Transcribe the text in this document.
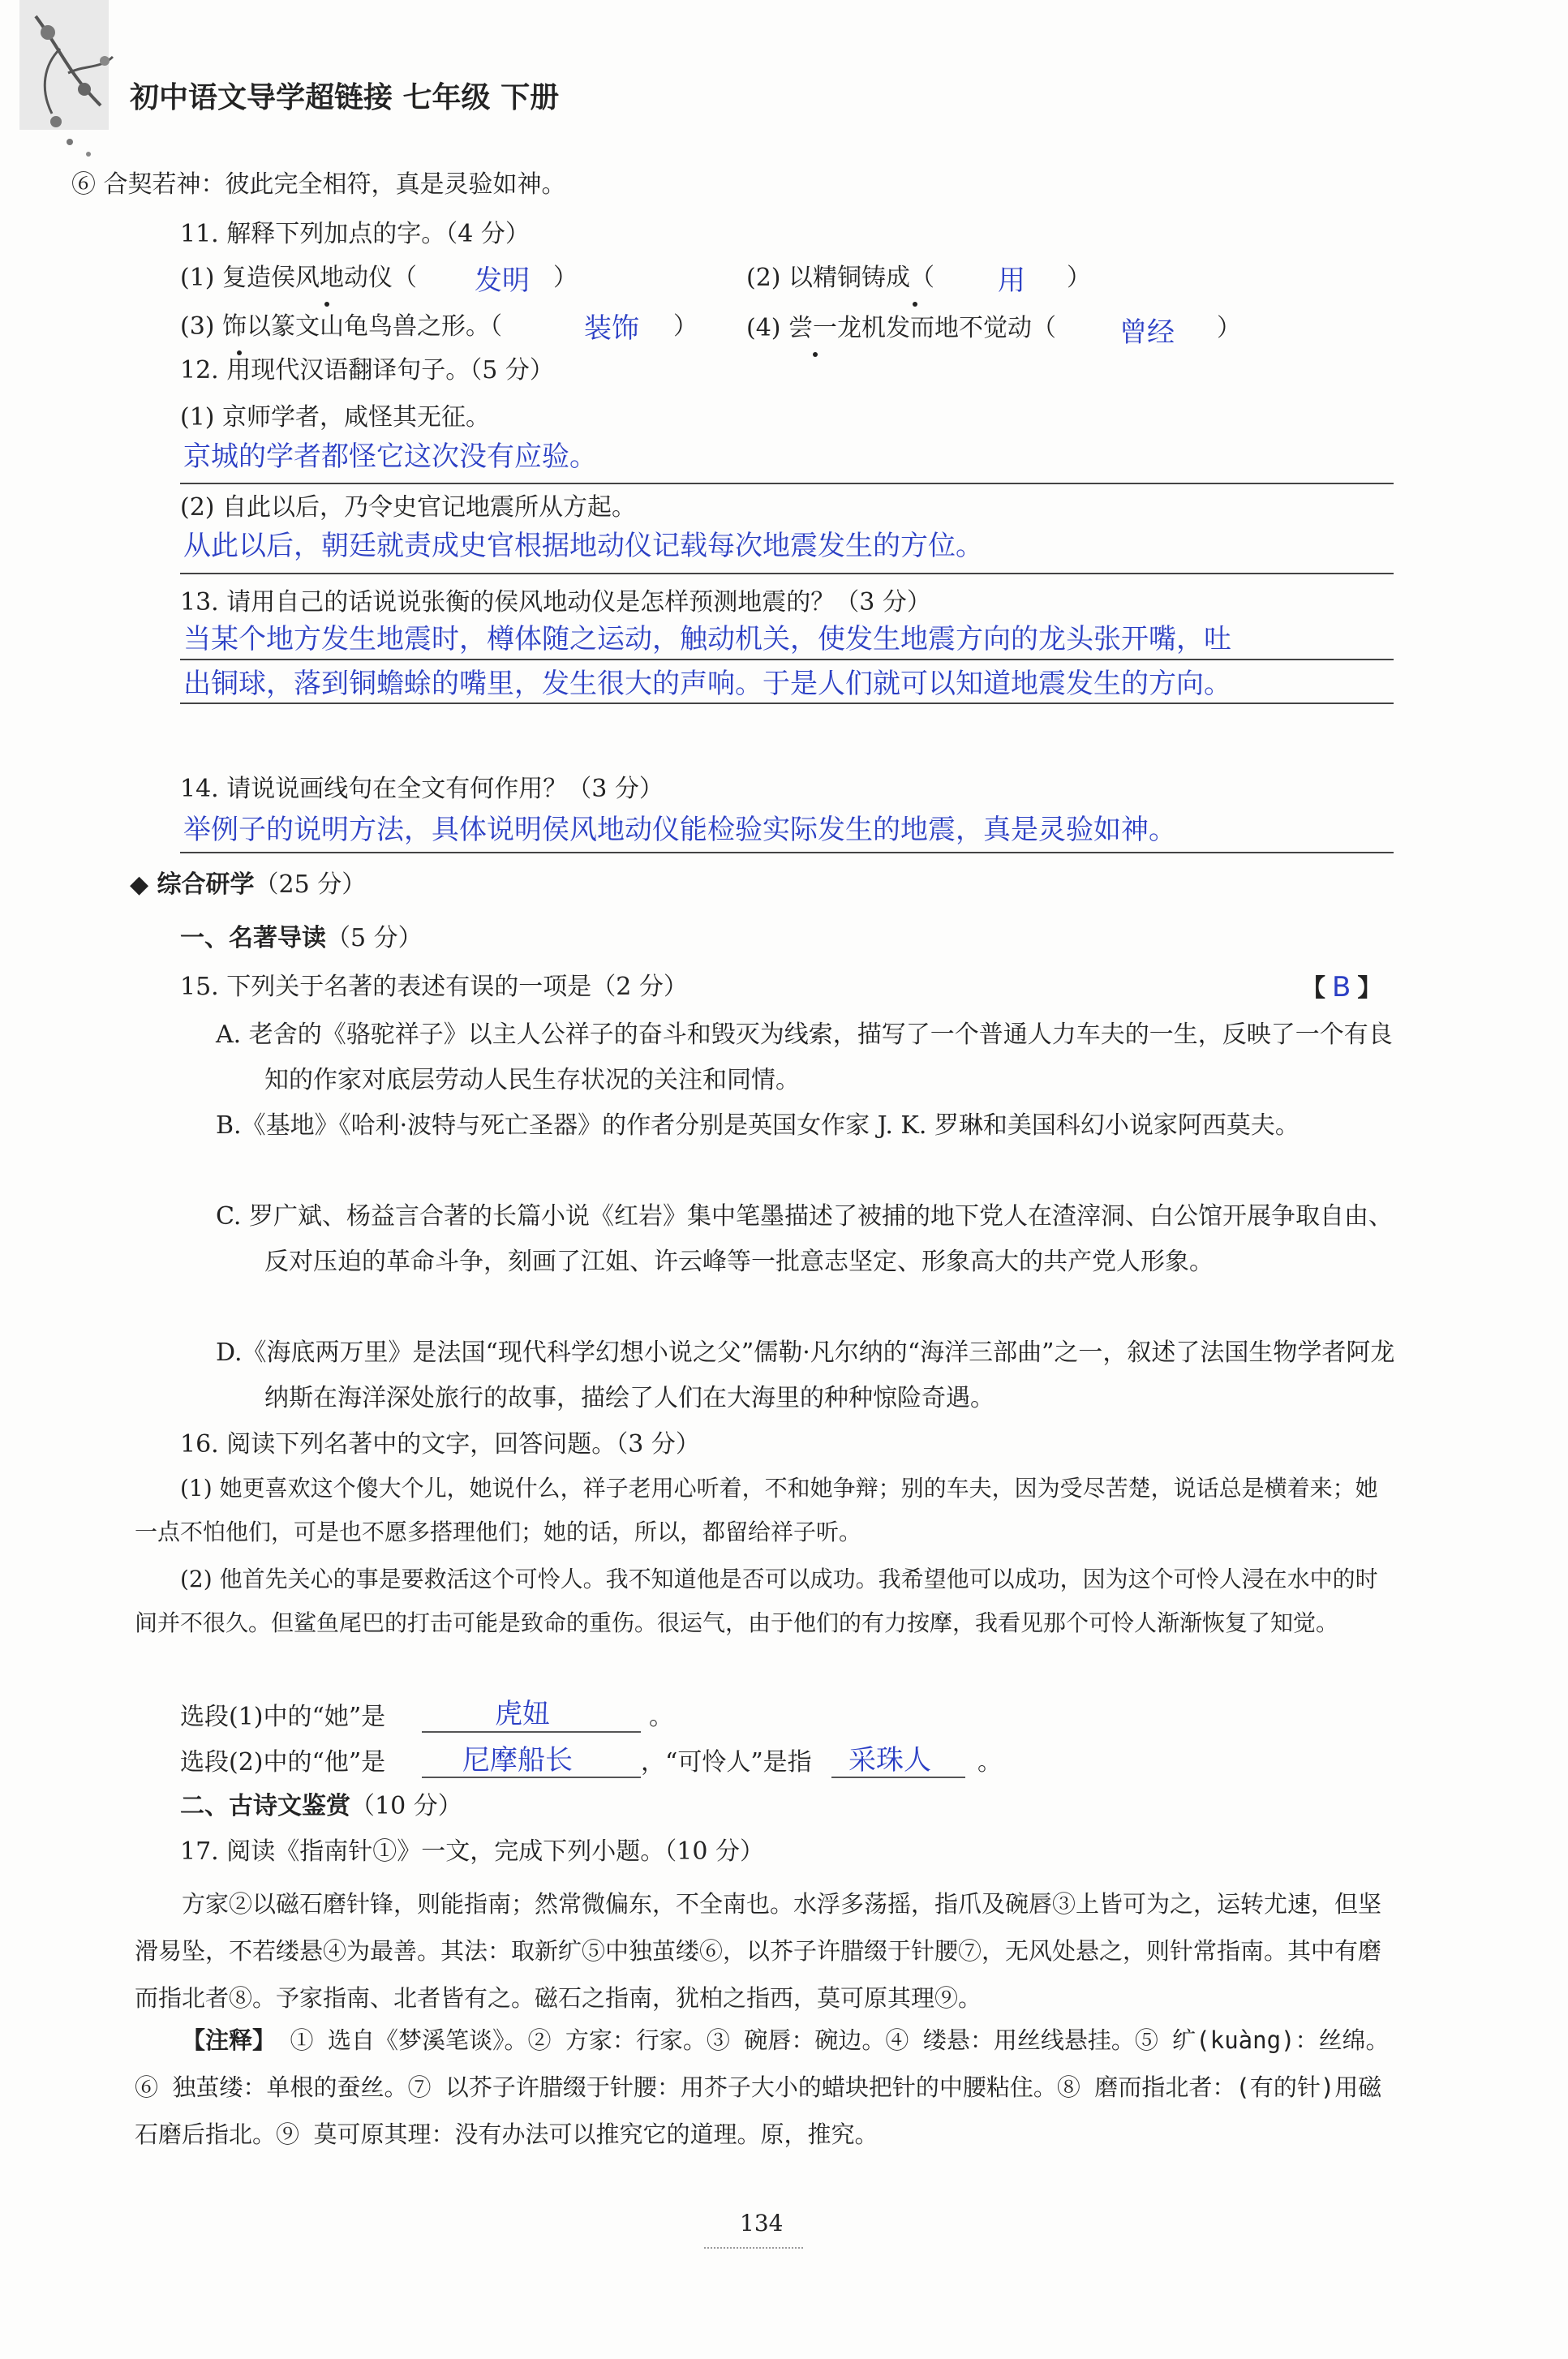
初中语文导学超链接 七年级 下册
⑥ 合契若神：彼此完全相符，真是灵验如神。
11. 解释下列加点的字。（4 分）
(1) 复造侯风地动仪（ 发明 ）	(2) 以精铜铸成（ 用 ）
(3) 饰以篆文山龟鸟兽之形。（	装饰 ） (4) 尝一龙机发而地不觉动（ 曾经 ）
12. 用现代汉语翻译句子。（5 分）
(1) 京师学者，咸怪其无征。
京城的学者都怪它这次没有应验。
(2) 自此以后，乃令史官记地震所从方起。
从此以后，朝廷就责成史官根据地动仪记载每次地震发生的方位。
13. 请用自己的话说说张衡的侯风地动仪是怎样预测地震的？（3 分）
当某个地方发生地震时，樽体随之运动，触动机关，使发生地震方向的龙头张开嘴，吐
出铜球，落到铜蟾蜍的嘴里，发生很大的声响。于是人们就可以知道地震发生的方向。
14. 请说说画线句在全文有何作用？（3 分）
举例子的说明方法，具体说明侯风地动仪能检验实际发生的地震，真是灵验如神。
◆ 综合研学（25 分）
一、名著导读（5 分）
15. 下列关于名著的表述有误的一项是（2 分）	【 B 】
A. 老舍的《骆驼祥子》以主人公祥子的奋斗和毁灭为线索，描写了一个普通人力车夫的一生，反映了一个有良知的作家对底层劳动人民生存状况的关注和同情。
B.《基地》《哈利·波特与死亡圣器》的作者分别是英国女作家 J. K. 罗琳和美国科幻小说家阿西莫夫。
C. 罗广斌、杨益言合著的长篇小说《红岩》集中笔墨描述了被捕的地下党人在渣滓洞、白公馆开展争取自由、反对压迫的革命斗争，刻画了江姐、许云峰等一批意志坚定、形象高大的共产党人形象。
D.《海底两万里》是法国“现代科学幻想小说之父”儒勒·凡尔纳的“海洋三部曲”之一，叙述了法国生物学者阿龙纳斯在海洋深处旅行的故事，描绘了人们在大海里的种种惊险奇遇。
16. 阅读下列名著中的文字，回答问题。（3 分）
(1) 她更喜欢这个傻大个儿，她说什么，祥子老用心听着，不和她争辩；别的车夫，因为受尽苦楚，说话总是横着来；她一点不怕他们，可是也不愿多搭理他们；她的话，所以，都留给祥子听。
(2) 他首先关心的事是要救活这个可怜人。我不知道他是否可以成功。我希望他可以成功，因为这个可怜人浸在水中的时间并不很久。但鲨鱼尾巴的打击可能是致命的重伤。很运气，由于他们的有力按摩，我看见那个可怜人渐渐恢复了知觉。
选段(1)中的“她”是	虎妞	。
选段(2)中的“他”是	尼摩船长	，“可怜人”是指 采珠人 。
二、古诗文鉴赏（10 分）
17. 阅读《指南针①》一文，完成下列小题。（10 分）
方家②以磁石磨针锋，则能指南；然常微偏东，不全南也。水浮多荡摇，指爪及碗唇③上皆可为之，运转尤速，但坚滑易坠，不若缕悬④为最善。其法：取新纩⑤中独茧缕⑥，以芥子许腊缀于针腰⑦，无风处悬之，则针常指南。其中有磨而指北者⑧。予家指南、北者皆有之。磁石之指南，犹柏之指西，莫可原其理⑨。
【注释】 ① 选自《梦溪笔谈》。② 方家：行家。③ 碗唇：碗边。④ 缕悬：用丝线悬挂。⑤ 纩(kuàng)：丝绵。⑥ 独茧缕：单根的蚕丝。⑦ 以芥子许腊缀于针腰：用芥子大小的蜡块把针的中腰粘住。⑧ 磨而指北者：(有的针)用磁石磨后指北。⑨ 莫可原其理：没有办法可以推究它的道理。原，推究。
134
